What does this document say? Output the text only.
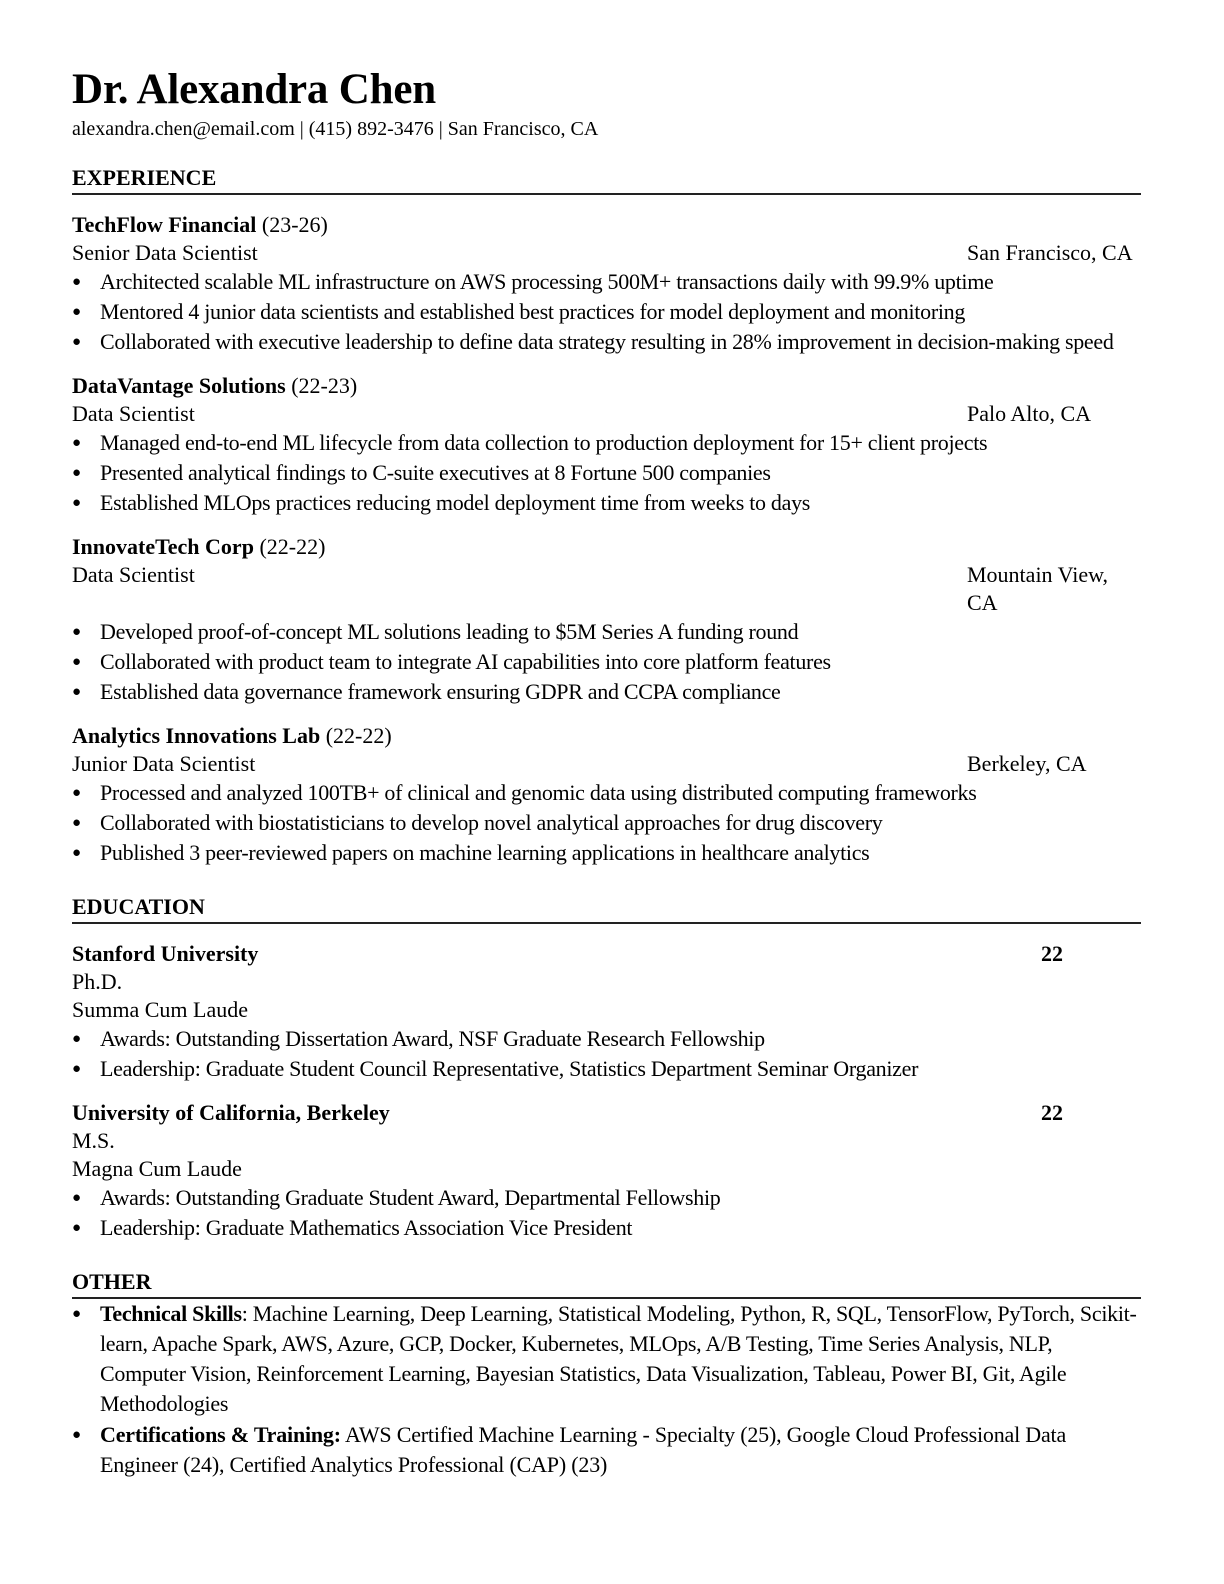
Dr. Alexandra Chen
alexandra.chen@email.com | (415) 892-3476 | San Francisco, CA
EXPERIENCE
TechFlow Financial (23-26)
Senior Data Scientist	San Francisco, CA
● Architected scalable ML infrastructure on AWS processing 500M+ transactions daily with 99.9% uptime
● Mentored 4 junior data scientists and established best practices for model deployment and monitoring
● Collaborated with executive leadership to define data strategy resulting in 28% improvement in decision-making speed
DataVantage Solutions (22-23)
Data Scientist	Palo Alto, CA
● Managed end-to-end ML lifecycle from data collection to production deployment for 15+ client projects
● Presented analytical findings to C-suite executives at 8 Fortune 500 companies
● Established MLOps practices reducing model deployment time from weeks to days
InnovateTech Corp (22-22)
Data Scientist	Mountain View, CA
● Developed proof-of-concept ML solutions leading to $5M Series A funding round
● Collaborated with product team to integrate AI capabilities into core platform features
● Established data governance framework ensuring GDPR and CCPA compliance
Analytics Innovations Lab (22-22)
Junior Data Scientist	Berkeley, CA
● Processed and analyzed 100TB+ of clinical and genomic data using distributed computing frameworks
● Collaborated with biostatisticians to develop novel analytical approaches for drug discovery
● Published 3 peer-reviewed papers on machine learning applications in healthcare analytics
EDUCATION
Stanford University	22
Ph.D.
Summa Cum Laude
● Awards: Outstanding Dissertation Award, NSF Graduate Research Fellowship
● Leadership: Graduate Student Council Representative, Statistics Department Seminar Organizer
University of California, Berkeley	22
M.S.
Magna Cum Laude
● Awards: Outstanding Graduate Student Award, Departmental Fellowship
● Leadership: Graduate Mathematics Association Vice President
OTHER
● Technical Skills: Machine Learning, Deep Learning, Statistical Modeling, Python, R, SQL, TensorFlow, PyTorch, Scikit-learn, Apache Spark, AWS, Azure, GCP, Docker, Kubernetes, MLOps, A/B Testing, Time Series Analysis, NLP, Computer Vision, Reinforcement Learning, Bayesian Statistics, Data Visualization, Tableau, Power BI, Git, Agile Methodologies
● Certifications & Training: AWS Certified Machine Learning - Specialty (25), Google Cloud Professional Data Engineer (24), Certified Analytics Professional (CAP) (23)
